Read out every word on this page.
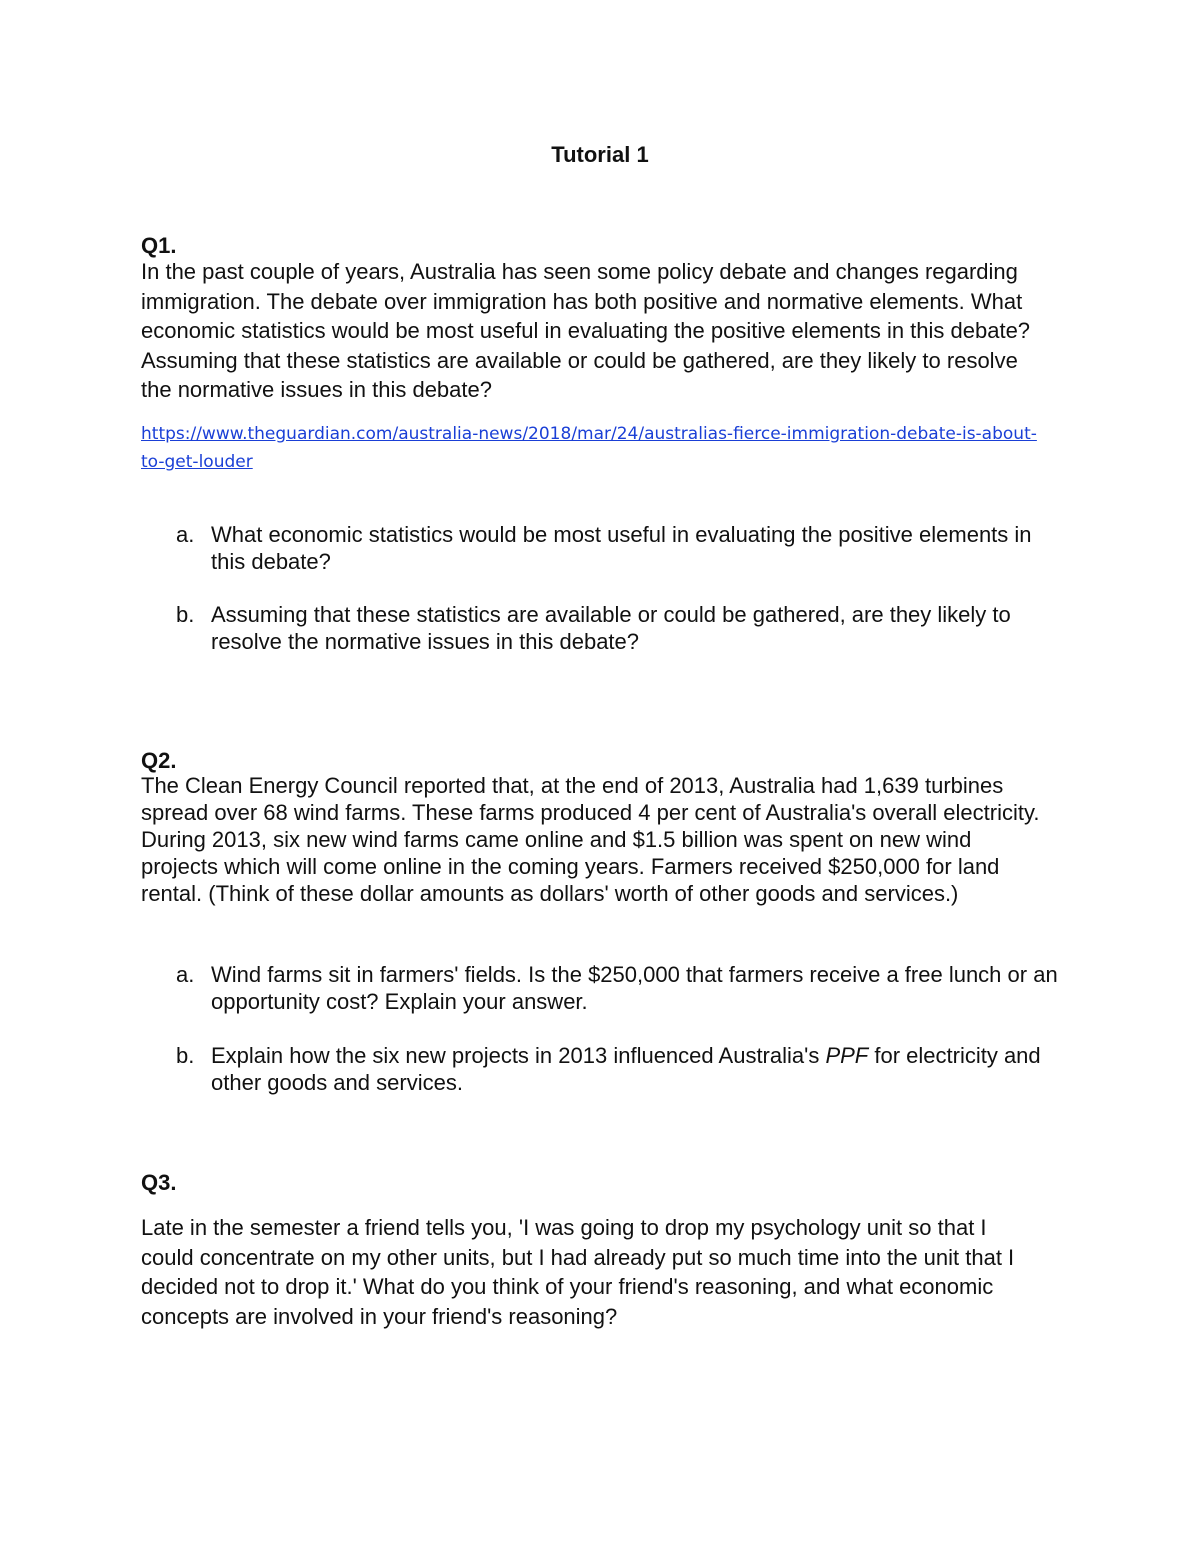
Tutorial 1
Q1.

In the past couple of years, Australia has seen some policy debate and changes regarding immigration. The debate over immigration has both positive and normative elements. What economic statistics would be most useful in evaluating the positive elements in this debate? Assuming that these statistics are available or could be gathered, are they likely to resolve the normative issues in this debate?

https://www.theguardian.com/australia-news/2018/mar/24/australias-fierce-immigration-debate-is-about-to-get-louder
a. What economic statistics would be most useful in evaluating the positive elements in this debate?
b. Assuming that these statistics are available or could be gathered, are they likely to resolve the normative issues in this debate?
Q2.

The Clean Energy Council reported that, at the end of 2013, Australia had 1,639 turbines spread over 68 wind farms. These farms produced 4 per cent of Australia's overall electricity. During 2013, six new wind farms came online and $1.5 billion was spent on new wind projects which will come online in the coming years. Farmers received $250,000 for land rental. (Think of these dollar amounts as dollars' worth of other goods and services.)

a. Wind farms sit in farmers' fields. Is the $250,000 that farmers receive a free lunch or an opportunity cost? Explain your answer.
b. Explain how the six new projects in 2013 influenced Australia's PPF for electricity and other goods and services.
Q3.

Late in the semester a friend tells you, 'I was going to drop my psychology unit so that I could concentrate on my other units, but I had already put so much time into the unit that I decided not to drop it.' What do you think of your friend's reasoning, and what economic concepts are involved in your friend's reasoning?
